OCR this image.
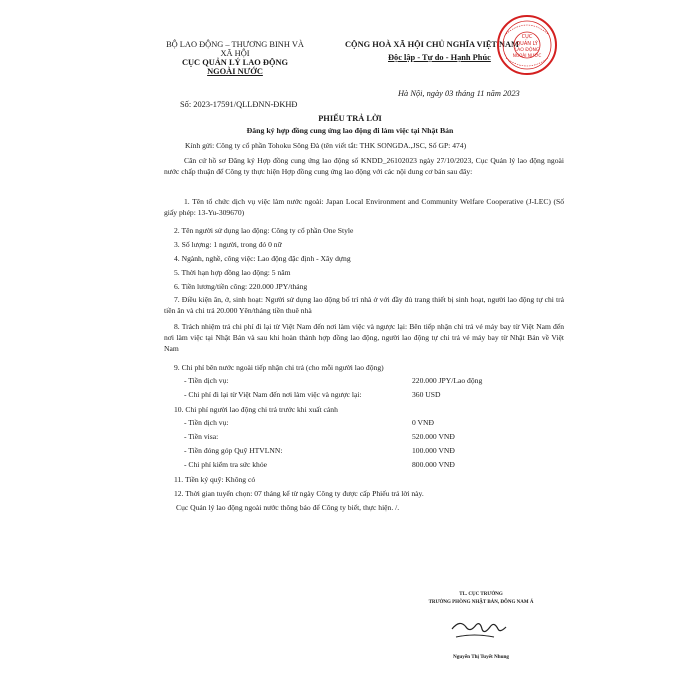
BỘ LAO ĐỘNG – THƯƠNG BINH VÀ
XÃ HỘI
CỤC QUẢN LÝ LAO ĐỘNG
NGOÀI NƯỚC
Số: 2023-17591/QLLĐNN-ĐKHĐ
CỘNG HOÀ XÃ HỘI CHỦ NGHĨA VIỆT NAM
Độc lập - Tự do - Hạnh Phúc
Hà Nội, ngày 03 tháng 11 năm 2023
CỤC
QUẢN LÝ
LAO ĐỘNG
NGOÀI NƯỚC
PHIẾU TRẢ LỜI
Đăng ký hợp đồng cung ứng lao động đi làm việc tại Nhật Bản
Kính gửi: Công ty cổ phần Tohoku Sông Đà (tên viết tắt: THK SONGDA.,JSC, Số GP: 474)
Căn cứ hồ sơ Đăng ký Hợp đồng cung ứng lao động số KNDD_26102023 ngày 27/10/2023, Cục Quản lý lao động ngoài nước chấp thuận để Công ty thực hiện Hợp đồng cung ứng lao động với các nội dung cơ bản sau đây:
1. Tên tổ chức dịch vụ việc làm nước ngoài: Japan Local Environment and Community Welfare Cooperative (J-LEC) (Số giấy phép: 13-Yu-309670)
2. Tên người sử dụng lao động: Công ty cổ phần One Style
3. Số lượng: 1 người, trong đó 0 nữ
4. Ngành, nghề, công việc: Lao động đặc định - Xây dựng
5. Thời hạn hợp đồng lao động: 5 năm
6. Tiền lương/tiền công: 220.000 JPY/tháng
7. Điều kiện ăn, ở, sinh hoạt: Người sử dụng lao động bố trí nhà ở với đầy đủ trang thiết bị sinh hoạt, người lao động tự chi trả tiền ăn và chi trả 20.000 Yên/tháng tiền thuê nhà
8. Trách nhiệm trả chi phí đi lại từ Việt Nam đến nơi làm việc và ngược lại: Bên tiếp nhận chi trả vé máy bay từ Việt Nam đến nơi làm việc tại Nhật Bản và sau khi hoàn thành hợp đồng lao động, người lao động tự chi trả vé máy bay từ Nhật Bản về Việt Nam
9. Chi phí bên nước ngoài tiếp nhận chi trả (cho mỗi người lao động)
- Tiền dịch vụ:	220.000 JPY/Lao động
- Chi phí đi lại từ Việt Nam đến nơi làm việc và ngược lại:	360 USD
10. Chi phí người lao động chi trả trước khi xuất cảnh
- Tiền dịch vụ:	0 VNĐ
- Tiền visa:	520.000 VNĐ
- Tiền đóng góp Quỹ HTVLNN:	100.000 VNĐ
- Chi phí kiểm tra sức khỏe	800.000 VNĐ
11. Tiền ký quỹ: Không có
12. Thời gian tuyển chọn: 07 tháng kể từ ngày Công ty được cấp Phiếu trả lời này.
Cục Quản lý lao động ngoài nước thông báo để Công ty biết, thực hiện. /.
TL. CỤC TRƯỞNG
TRƯỞNG PHÒNG NHẬT BẢN, ĐÔNG NAM Á
Nguyễn Thị Tuyết Nhung
